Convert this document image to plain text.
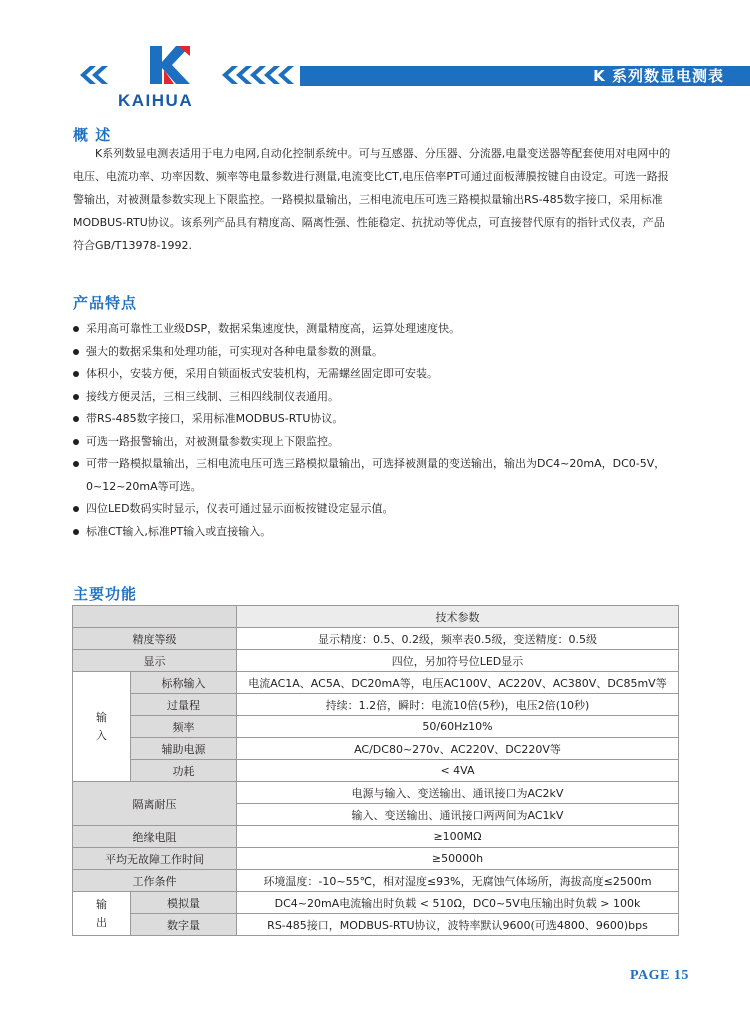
KAIHUA
K 系列数显电测表
概 述

K系列数显电测表适用于电力电网,自动化控制系统中。可与互感器、分压器、分流器,电量变送器等配套使用对电网中的

电压、电流功率、功率因数、频率等电量参数进行测量,电流变比CT,电压倍率PT可通过面板薄膜按键自由设定。可选一路报

警输出，对被测量参数实现上下限监控。一路模拟量输出，三相电流电压可选三路模拟量输出RS-485数字接口，采用标准

MODBUS-RTU协议。该系列产品具有精度高、隔离性强、性能稳定、抗扰动等优点，可直接替代原有的指针式仪表，产品

符合GB/T13978-1992.

产品特点
采用高可靠性工业级DSP，数据采集速度快，测量精度高，运算处理速度快。
强大的数据采集和处理功能，可实现对各种电量参数的测量。
体积小，安装方便，采用自锁面板式安装机构，无需螺丝固定即可安装。
接线方便灵活，三相三线制、三相四线制仪表通用。
带RS-485数字接口，采用标准MODBUS-RTU协议。
可选一路报警输出，对被测量参数实现上下限监控。
可带一路模拟量输出，三相电流电压可选三路模拟量输出，可选择被测量的变送输出，输出为DC4~20mA，DC0-5V，
0~12~20mA等可选。
四位LED数码实时显示，仪表可通过显示面板按键设定显示值。
标准CT输入,标准PT输入或直接输入。
主要功能
		技术参数
精度等级		显示精度：0.5、0.2级，频率表0.5级，变送精度：0.5级
显示		四位，另加符号位LED显示
输
入	标称输入	电流AC1A、AC5A、DC20mA等，电压AC100V、AC220V、AC380V、DC85mV等
	过量程	持续：1.2倍，瞬时：电流10倍(5秒)，电压2倍(10秒)
	频率	50/60Hz10%
	辅助电源	AC/DC80~270v、AC220V、DC220V等
	功耗	< 4VA
隔离耐压		电源与输入、变送输出、通讯接口为AC2kV
		输入、变送输出、通讯接口两两间为AC1kV
绝缘电阻		≥100MΩ
平均无故障工作时间		≥50000h
工作条件		环境温度：-10~55℃，相对湿度≤93%，无腐蚀气体场所，海拔高度≤2500m
输
出	模拟量	DC4~20mA电流输出时负载 < 510Ω，DC0~5V电压输出时负载 > 100k
	数字量	RS-485接口，MODBUS-RTU协议，波特率默认9600(可选4800、9600)bps
PAGE 15
